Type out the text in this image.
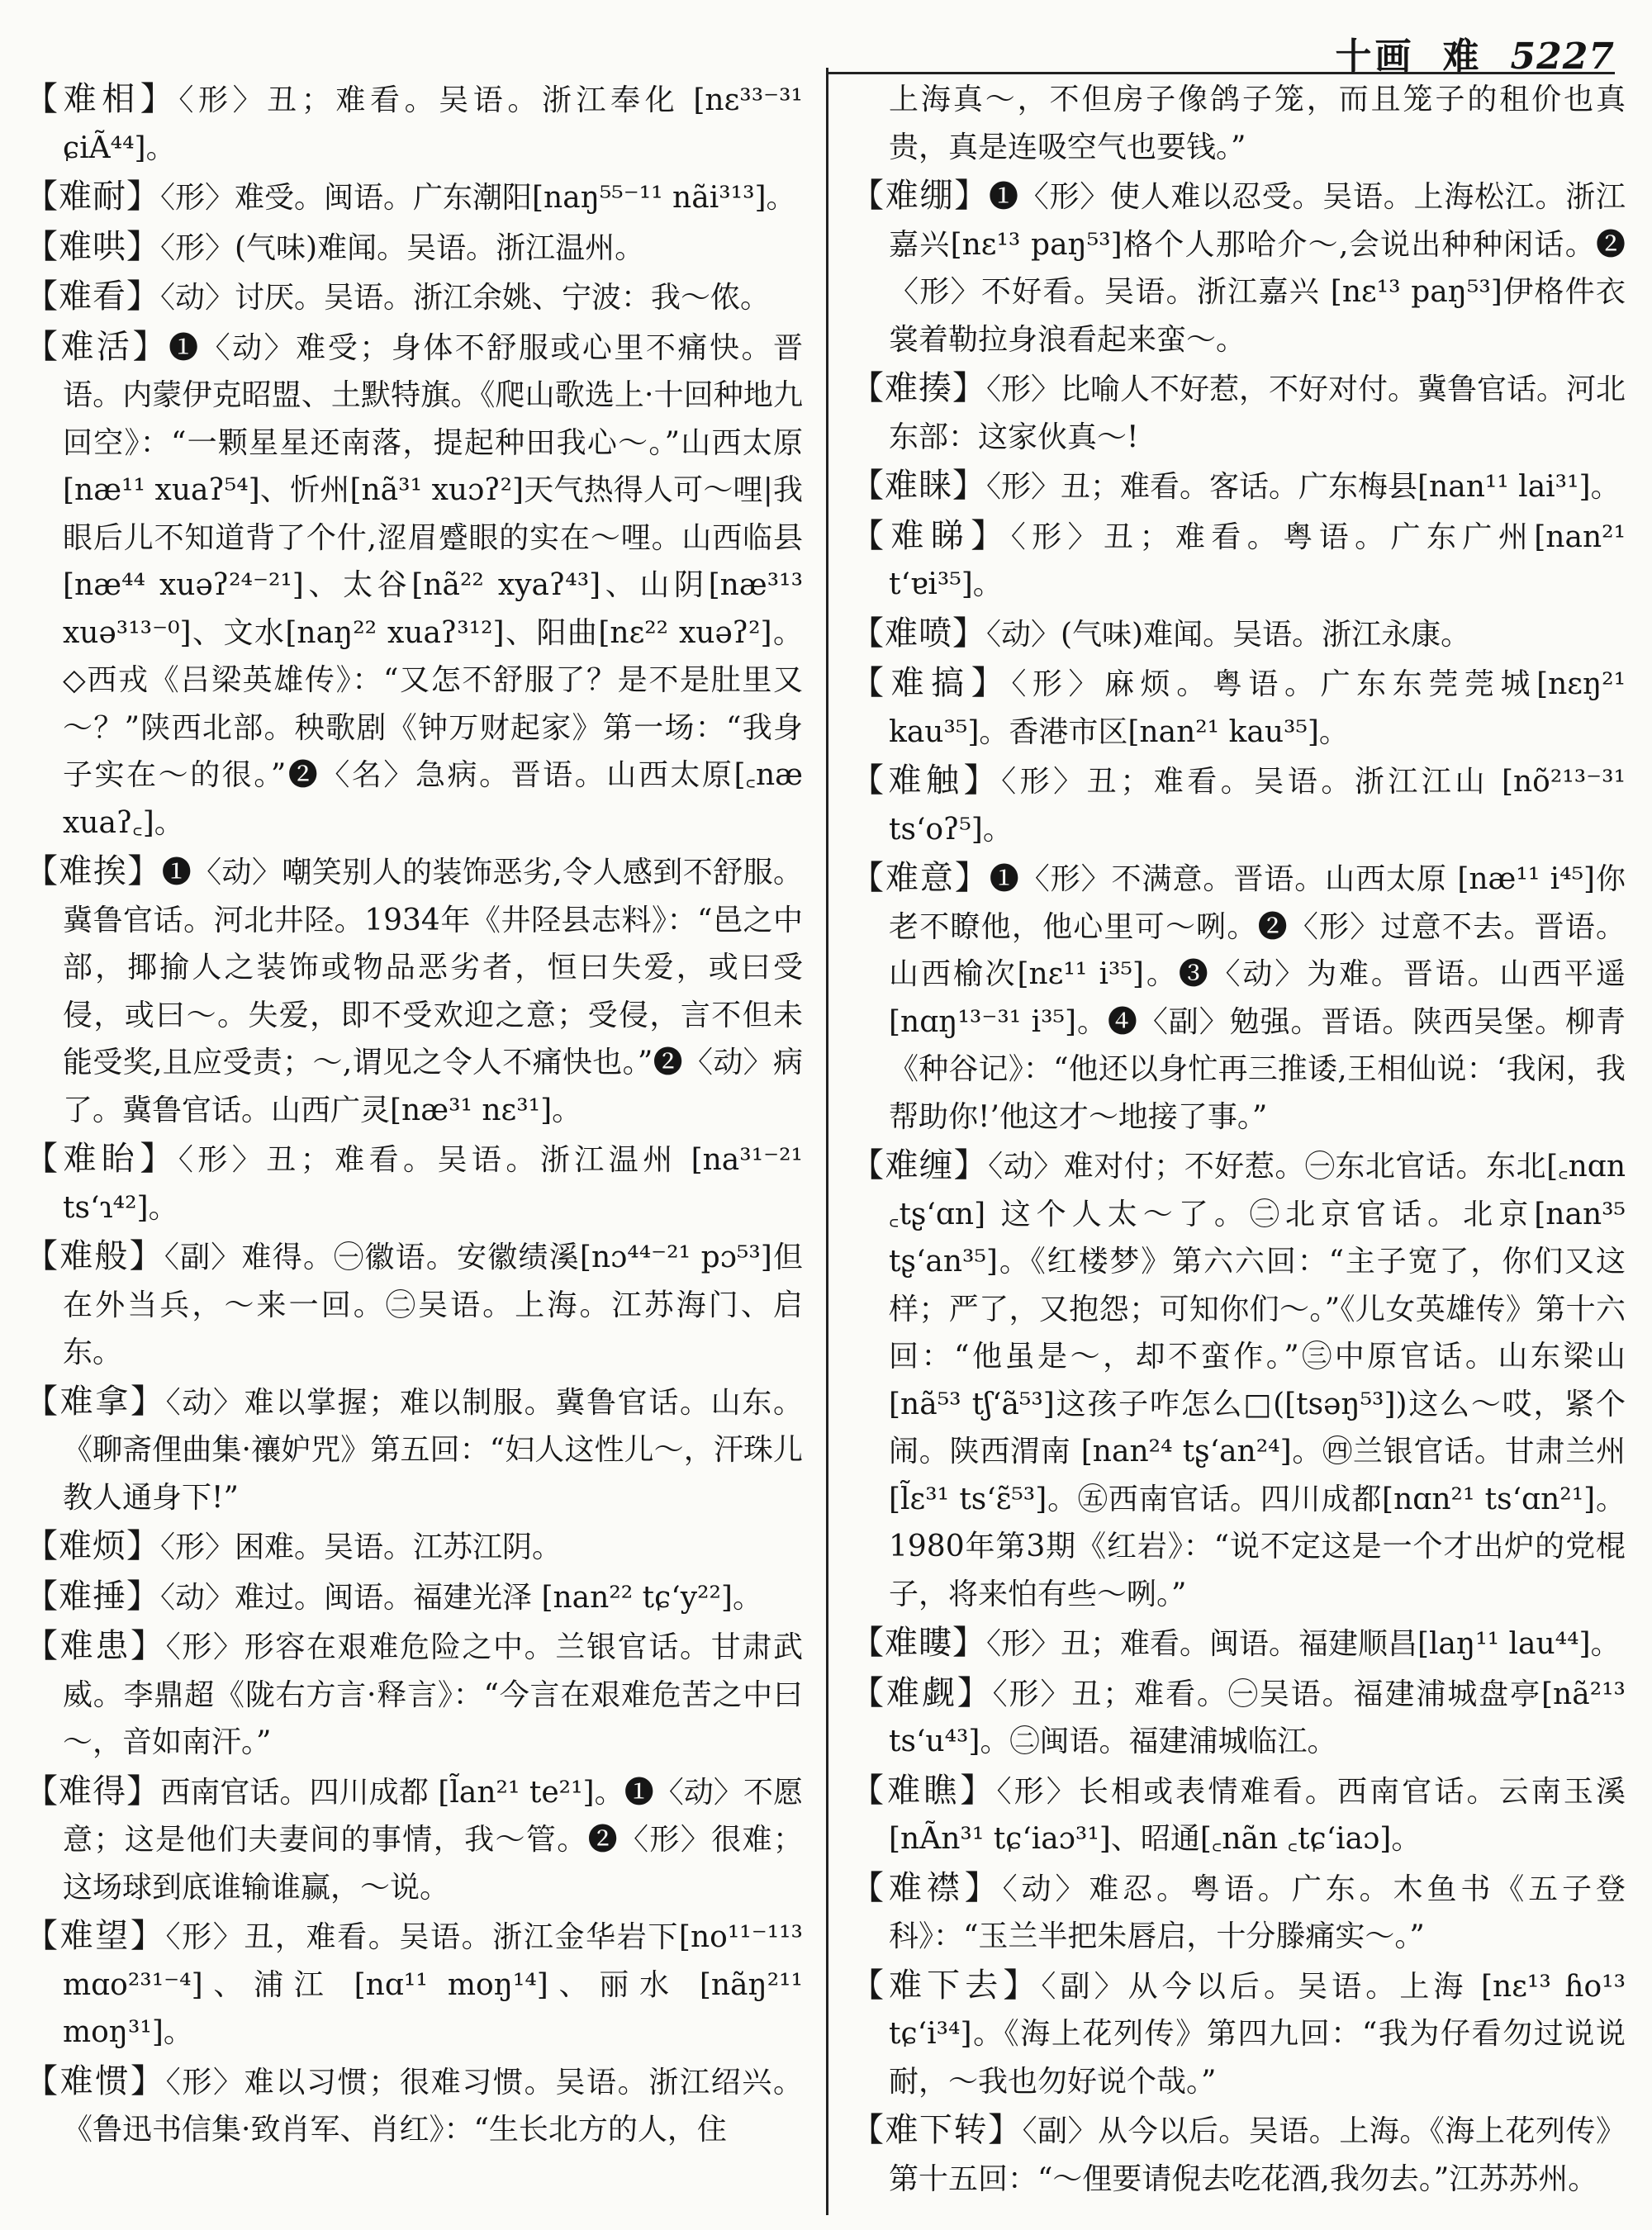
十画 难 5227
【难相】〈形〉丑；难看。吴语。浙江奉化 [nɛ³³⁻³¹ ɕiÃ⁴⁴]。
【难耐】〈形〉难受。闽语。广东潮阳[naŋ⁵⁵⁻¹¹ nãi³¹³]。
【难哄】〈形〉(气味)难闻。吴语。浙江温州。
【难看】〈动〉讨厌。吴语。浙江余姚、宁波：我～侬。
【难活】❶〈动〉难受；身体不舒服或心里不痛快。晋语。内蒙伊克昭盟、土默特旗。《爬山歌选上·十回种地九回空》：“一颗星星还南落，提起种田我心～。”山西太原[næ¹¹ xuaʔ⁵⁴]、忻州[nã³¹ xuɔʔ²]天气热得人可～哩|我眼后儿不知道背了个什,涩眉蹙眼的实在～哩。山西临县[næ⁴⁴ xuəʔ²⁴⁻²¹]、太谷[nã²² xyaʔ⁴³]、山阴[næ³¹³ xuə³¹³⁻⁰]、文水[naŋ²² xuaʔ³¹²]、阳曲[nɛ²² xuəʔ²]。◇西戎《吕梁英雄传》：“又怎不舒服了？是不是肚里又～？”陕西北部。秧歌剧《钟万财起家》第一场：“我身子实在～的很。”❷〈名〉急病。晋语。山西太原[꜀næ xuaʔ꜀]。
【难挨】❶〈动〉嘲笑别人的装饰恶劣,令人感到不舒服。冀鲁官话。河北井陉。1934年《井陉县志料》：“邑之中部，揶揄人之装饰或物品恶劣者，恒曰失爱，或曰受侵，或曰～。失爱，即不受欢迎之意；受侵，言不但未能受奖,且应受责；～,谓见之令人不痛快也。”❷〈动〉病了。冀鲁官话。山西广灵[næ³¹ nɛ³¹]。
【难眙】〈形〉丑；难看。吴语。浙江温州 [na³¹⁻²¹ tsʻɿ⁴²]。
【难般】〈副〉难得。㊀徽语。安徽绩溪[nɔ⁴⁴⁻²¹ pɔ⁵³]但在外当兵，～来一回。㊁吴语。上海。江苏海门、启东。
【难拿】〈动〉难以掌握；难以制服。冀鲁官话。山东。《聊斋俚曲集·禳妒咒》第五回：“妇人这性儿～，汗珠儿教人通身下!”
【难烦】〈形〉困难。吴语。江苏江阴。
【难捶】〈动〉难过。闽语。福建光泽 [nan²² tɕʻy²²]。
【难患】〈形〉形容在艰难危险之中。兰银官话。甘肃武威。李鼎超《陇右方言·释言》：“今言在艰难危苦之中曰～，音如南汗。”
【难得】西南官话。四川成都 [l̃an²¹ te²¹]。❶〈动〉不愿意；这是他们夫妻间的事情，我～管。❷〈形〉很难；这场球到底谁输谁赢，～说。
【难望】〈形〉丑，难看。吴语。浙江金华岩下[no¹¹⁻¹¹³ mɑo²³¹⁻⁴]、浦江 [nɑ¹¹ moŋ¹⁴]、丽水 [nãŋ²¹¹ moŋ³¹]。
【难惯】〈形〉难以习惯；很难习惯。吴语。浙江绍兴。《鲁迅书信集·致肖军、肖红》：“生长北方的人，住
上海真～，不但房子像鸽子笼，而且笼子的租价也真贵，真是连吸空气也要钱。”
【难绷】❶〈形〉使人难以忍受。吴语。上海松江。浙江嘉兴[nɛ¹³ paŋ⁵³]格个人那哈介～,会说出种种闲话。❷〈形〉不好看。吴语。浙江嘉兴 [nɛ¹³ paŋ⁵³]伊格件衣裳着勒拉身浪看起来蛮～。
【难揍】〈形〉比喻人不好惹，不好对付。冀鲁官话。河北东部：这家伙真～!
【难睐】〈形〉丑；难看。客话。广东梅县[nan¹¹ lai³¹]。
【难睇】〈形〉丑；难看。粤语。广东广州[nan²¹ tʻɐi³⁵]。
【难喷】〈动〉(气味)难闻。吴语。浙江永康。
【难搞】〈形〉麻烦。粤语。广东东莞莞城[nɛŋ²¹ kau³⁵]。香港市区[nan²¹ kau³⁵]。
【难触】〈形〉丑；难看。吴语。浙江江山 [nõ²¹³⁻³¹ tsʻoʔ⁵]。
【难意】❶〈形〉不满意。晋语。山西太原 [næ¹¹ i⁴⁵]你老不瞭他，他心里可～咧。❷〈形〉过意不去。晋语。山西榆次[nɛ¹¹ i³⁵]。❸〈动〉为难。晋语。山西平遥[nɑŋ¹³⁻³¹ i³⁵]。❹〈副〉勉强。晋语。陕西吴堡。柳青《种谷记》：“他还以身忙再三推诿,王相仙说：‘我闲，我帮助你!’他这才～地接了事。”
【难缠】〈动〉难对付；不好惹。㊀东北官话。东北[꜀nɑn ꜀tʂʻɑn] 这个人太～了。㊁北京官话。北京[nan³⁵ tʂʻan³⁵]。《红楼梦》第六六回：“主子宽了，你们又这样；严了，又抱怨；可知你们～。”《儿女英雄传》第十六回：“他虽是～，却不蛮作。”㊂中原官话。山东梁山[nã⁵³ tʃʻã⁵³]这孩子咋怎么□([tsəŋ⁵³])这么～哎，紧个闹。陕西渭南 [nan²⁴ tʂʻan²⁴]。㊃兰银官话。甘肃兰州[l̃ɛ³¹ tsʻɛ̃⁵³]。㊄西南官话。四川成都[nɑn²¹ tsʻɑn²¹]。1980年第3期《红岩》：“说不定这是一个才出炉的党棍子，将来怕有些～咧。”
【难瞜】〈形〉丑；难看。闽语。福建顺昌[laŋ¹¹ lau⁴⁴]。
【难觑】〈形〉丑；难看。㊀吴语。福建浦城盘亭[nã²¹³ tsʻu⁴³]。㊁闽语。福建浦城临江。
【难瞧】〈形〉长相或表情难看。西南官话。云南玉溪[nÃn³¹ tɕʻiaɔ³¹]、昭通[꜀nãn ꜀tɕʻiaɔ]。
【难襟】〈动〉难忍。粤语。广东。木鱼书《五子登科》：“玉兰半把朱唇启，十分滕痛实～。”
【难下去】〈副〉从今以后。吴语。上海 [nɛ¹³ ɦo¹³ tɕʻi³⁴]。《海上花列传》第四九回：“我为仔看勿过说说耐，～我也勿好说个哉。”
【难下转】〈副〉从今以后。吴语。上海。《海上花列传》第十五回：“～俚要请倪去吃花酒,我勿去。”江苏苏州。
